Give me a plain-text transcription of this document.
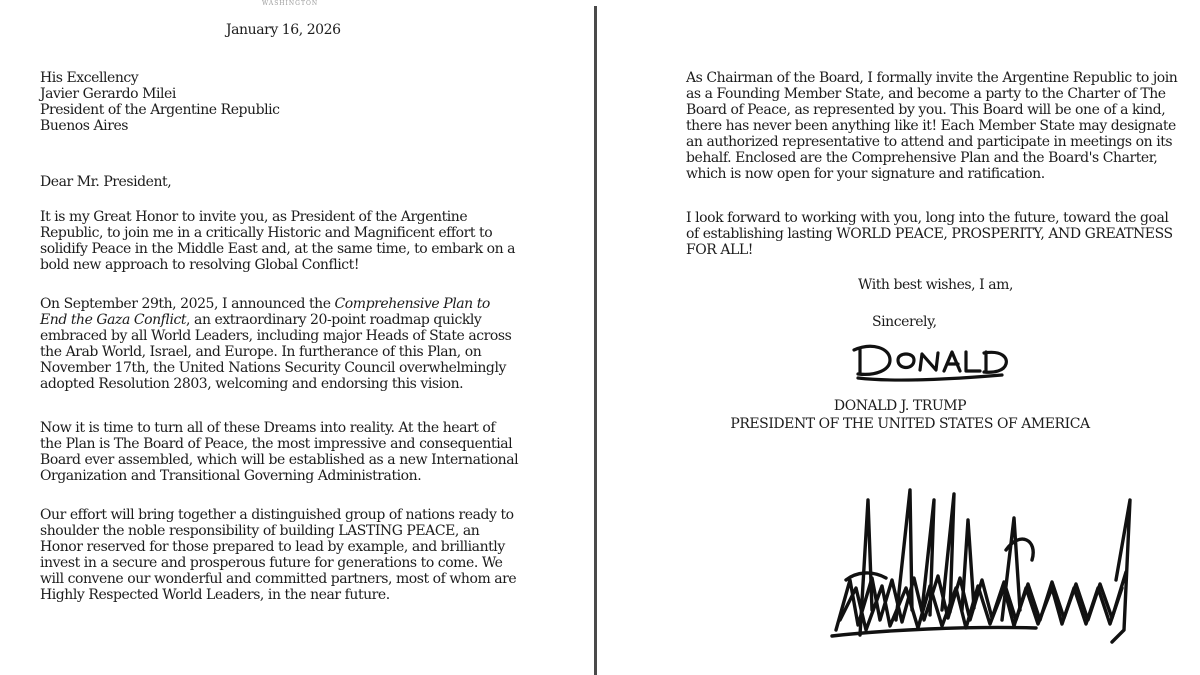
WASHINGTON
January 16, 2026
His Excellency
Javier Gerardo Milei
President of the Argentine Republic
Buenos Aires
Dear Mr. President,

It is my Great Honor to invite you, as President of the Argentine Republic, to join me in a critically Historic and Magnificent effort to solidify Peace in the Middle East and, at the same time, to embark on a bold new approach to resolving Global Conflict!

On September 29th, 2025, I announced the Comprehensive Plan to End the Gaza Conflict, an extraordinary 20-point roadmap quickly embraced by all World Leaders, including major Heads of State across the Arab World, Israel, and Europe. In furtherance of this Plan, on November 17th, the United Nations Security Council overwhelmingly adopted Resolution 2803, welcoming and endorsing this vision.

Now it is time to turn all of these Dreams into reality. At the heart of the Plan is The Board of Peace, the most impressive and consequential Board ever assembled, which will be established as a new International Organization and Transitional Governing Administration.

Our effort will bring together a distinguished group of nations ready to shoulder the noble responsibility of building LASTING PEACE, an Honor reserved for those prepared to lead by example, and brilliantly invest in a secure and prosperous future for generations to come. We will convene our wonderful and committed partners, most of whom are Highly Respected World Leaders, in the near future.

As Chairman of the Board, I formally invite the Argentine Republic to join as a Founding Member State, and become a party to the Charter of The Board of Peace, as represented by you. This Board will be one of a kind, there has never been anything like it! Each Member State may designate an authorized representative to attend and participate in meetings on its behalf. Enclosed are the Comprehensive Plan and the Board's Charter, which is now open for your signature and ratification.

I look forward to working with you, long into the future, toward the goal of establishing lasting WORLD PEACE, PROSPERITY, AND GREATNESS FOR ALL!

With best wishes, I am,
Sincerely,
DONALD J. TRUMP
PRESIDENT OF THE UNITED STATES OF AMERICA
